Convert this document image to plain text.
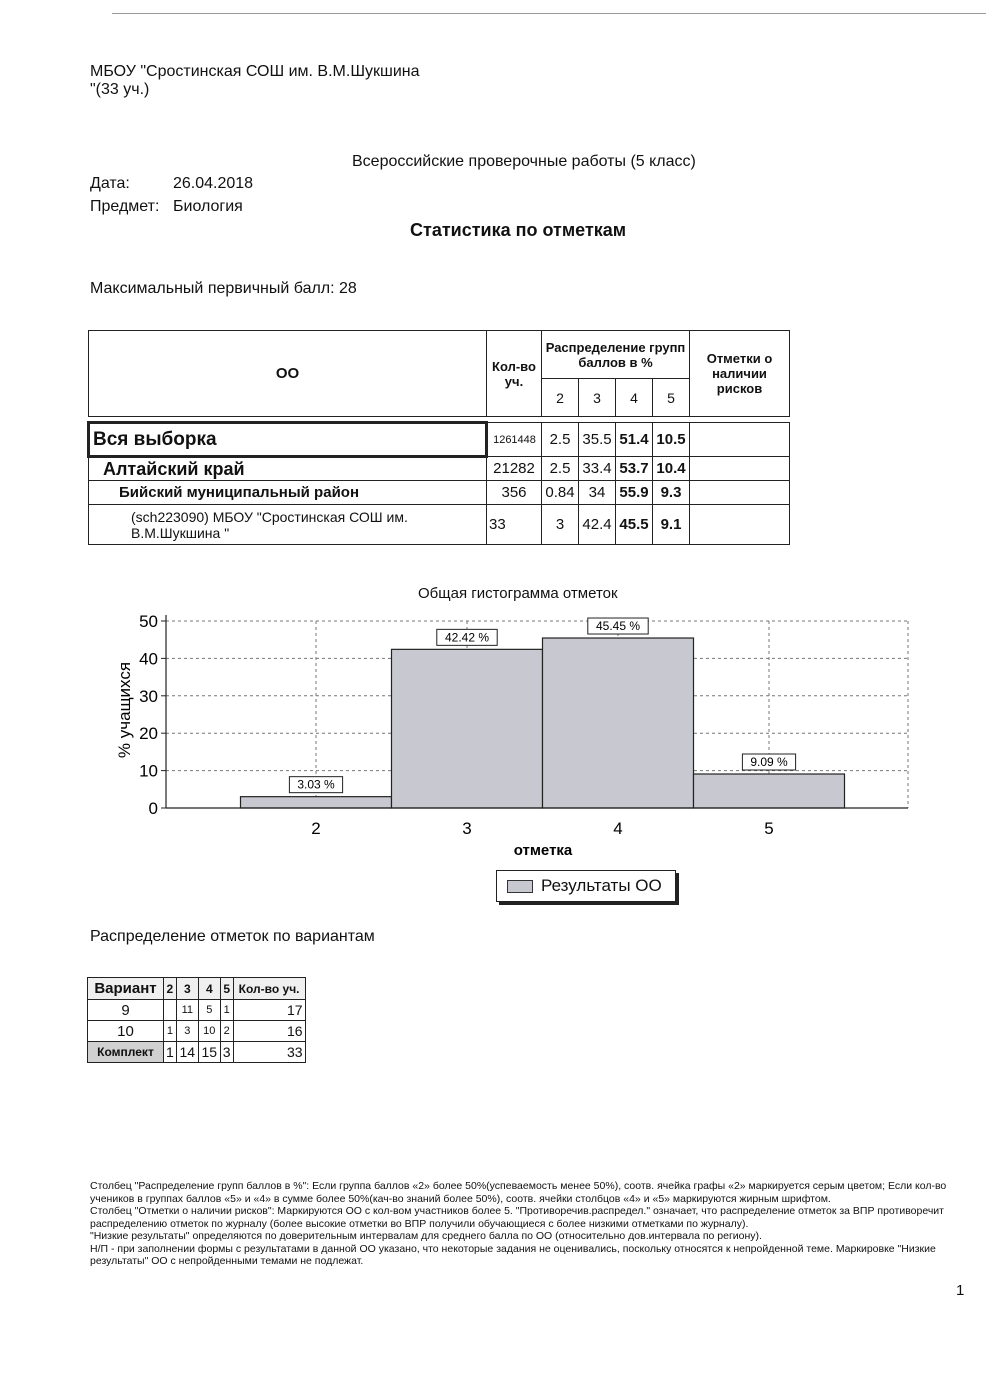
МБОУ "Сростинская СОШ им. В.М.Шукшина
"(33 уч.)
Всероссийские проверочные работы (5 класс)
Дата:	26.04.2018
Предмет: Биология
Статистика по отметкам
Максимальный первичный балл: 28
ОО	Кол-во уч.	Распределение групп баллов в %				Отметки о наличии рисков
		2	3	4	5	

Вся выборка	1261448	2.5	35.5	51.4	10.5	
Алтайский край	21282	2.5	33.4	53.7	10.4	
Бийский муниципальный район	356	0.84	34	55.9	9.3	
(sch223090) МБОУ "Сростинская СОШ им. В.М.Шукшина "	33	3	42.4	45.5	9.1	
Общая гистограмма отметок
0
10
20
30
40
50
2	3	4	5
3.03 %
42.42 %
45.45 %
9.09 %
% учащихся
отметка
Результаты ОО
Распределение отметок по вариантам
Вариант	2	3	4	5	Кол-во уч.
9		11	5	1	17
10	1	3	10	2	16
Комплект	1	14	15	3	33

Столбец "Распределение групп баллов в %": Если группа баллов «2» более 50%(успеваемость менее 50%), соотв. ячейка графы «2» маркируется серым цветом; Если кол-во учеников в группах баллов «5» и «4» в сумме более 50%(кач-во знаний более 50%), соотв. ячейки столбцов «4» и «5» маркируются жирным шрифтом.

Столбец "Отметки о наличии рисков": Маркируются ОО с кол-вом участников более 5. "Противоречив.распредел." означает, что распределение отметок за ВПР противоречит распределению отметок по журналу (более высокие отметки во ВПР получили обучающиеся с более низкими отметками по журналу).

"Низкие результаты" определяются по доверительным интервалам для среднего балла по ОО (относительно дов.интервала по региону).

Н/П - при заполнении формы с результатами в данной ОО указано, что некоторые задания не оценивались, поскольку относятся к непройденной теме. Маркировке "Низкие результаты" ОО с непройденными темами не подлежат.

1
